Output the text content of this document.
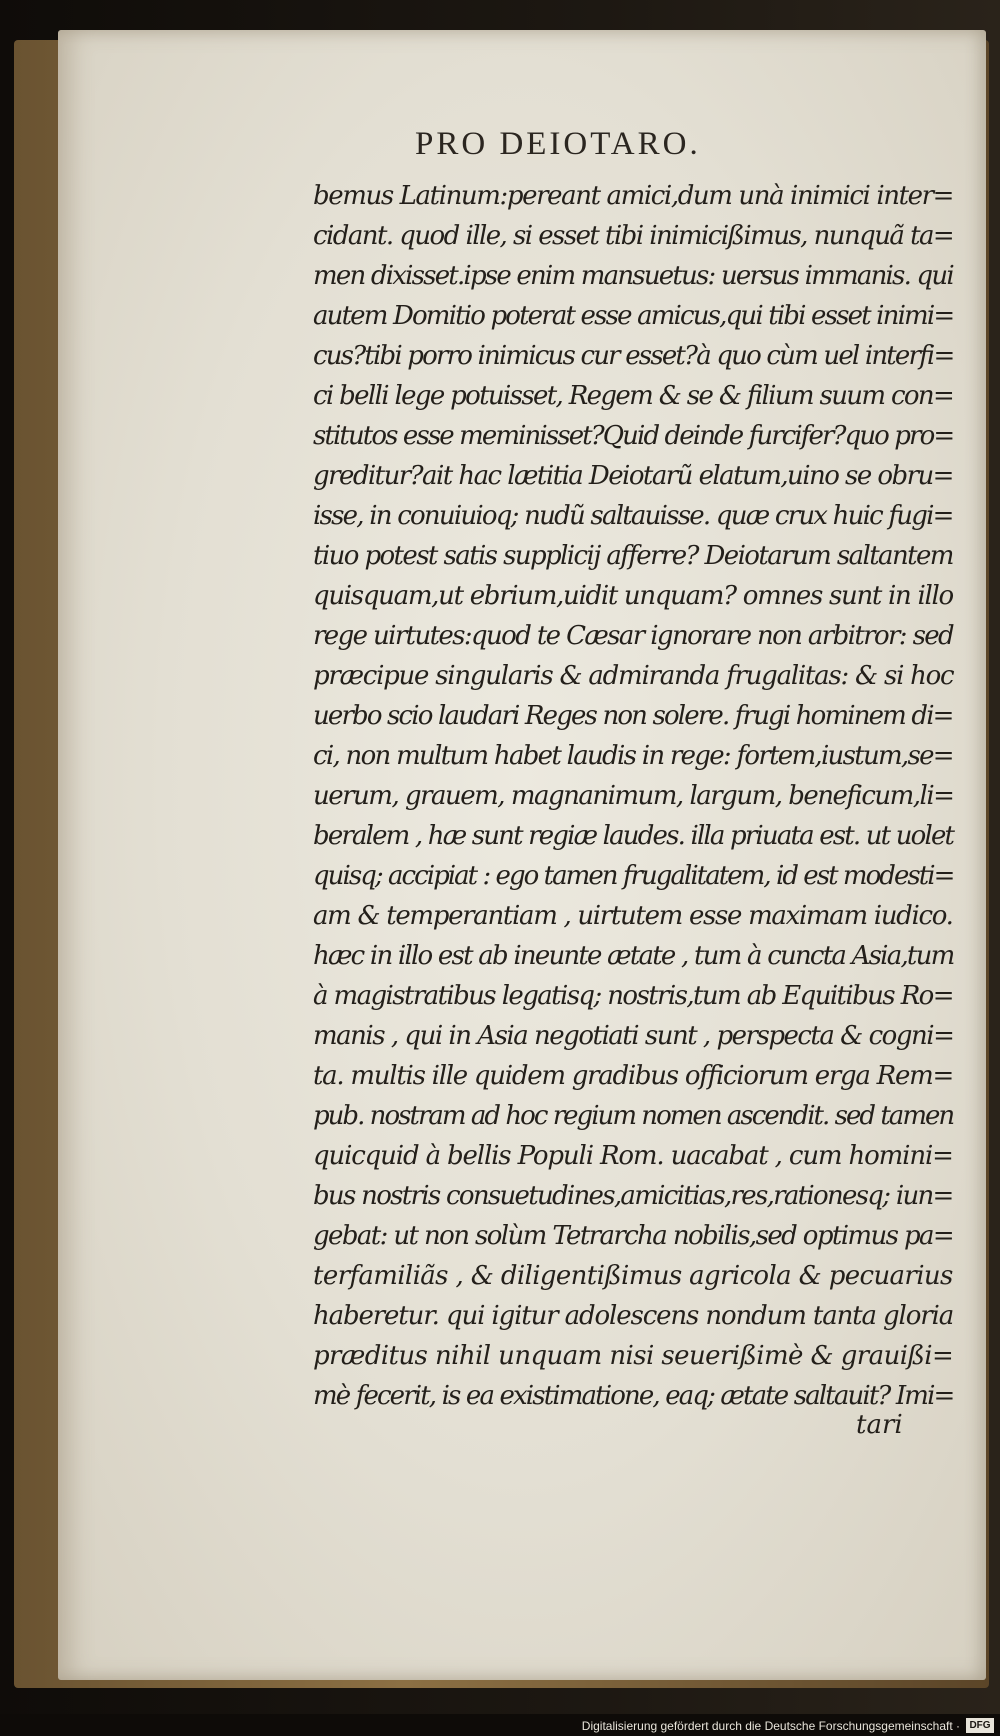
PRO DEIOTARO.
bemus Latinum:pereant amici,dum unà inimici inter=
cidant. quod ille, si esset tibi inimicißimus, nunquã ta=
men dixisset.ipse enim mansuetus: uersus immanis. qui
autem Domitio poterat esse amicus,qui tibi esset inimi=
cus?tibi porro inimicus cur esset?à quo cùm uel interfi=
ci belli lege potuisset, Regem & se & filium suum con=
stitutos esse meminisset?Quid deinde furcifer?quo pro=
greditur?ait hac lætitia Deiotarũ elatum,uino se obru=
isse, in conuiuioq; nudũ saltauisse. quæ crux huic fugi=
tiuo potest satis supplicij afferre? Deiotarum saltantem
quisquam,ut ebrium,uidit unquam? omnes sunt in illo
rege uirtutes:quod te Cæsar ignorare non arbitror: sed
præcipue singularis & admiranda frugalitas: & si hoc
uerbo scio laudari Reges non solere. frugi hominem di=
ci, non multum habet laudis in rege: fortem,iustum,se=
uerum, grauem, magnanimum, largum, beneficum,li=
beralem , hæ sunt regiæ laudes. illa priuata est. ut uolet
quisq; accipiat : ego tamen frugalitatem, id est modesti=
am & temperantiam , uirtutem esse maximam iudico.
hæc in illo est ab ineunte ætate , tum à cuncta Asia,tum
à magistratibus legatisq; nostris,tum ab Equitibus Ro=
manis , qui in Asia negotiati sunt , perspecta & cogni=
ta. multis ille quidem gradibus officiorum erga Rem=
pub. nostram ad hoc regium nomen ascendit. sed tamen
quicquid à bellis Populi Rom. uacabat , cum homini=
bus nostris consuetudines,amicitias,res,rationesq; iun=
gebat: ut non solùm Tetrarcha nobilis,sed optimus pa=
terfamiliãs , & diligentißimus agricola & pecuarius
haberetur. qui igitur adolescens nondum tanta gloria
præditus nihil unquam nisi seuerißimè & grauißi=
mè fecerit, is ea existimatione, eaq; ætate saltauit? Imi=
tari
Digitalisierung gefördert durch die Deutsche Forschungsgemeinschaft · DFG
